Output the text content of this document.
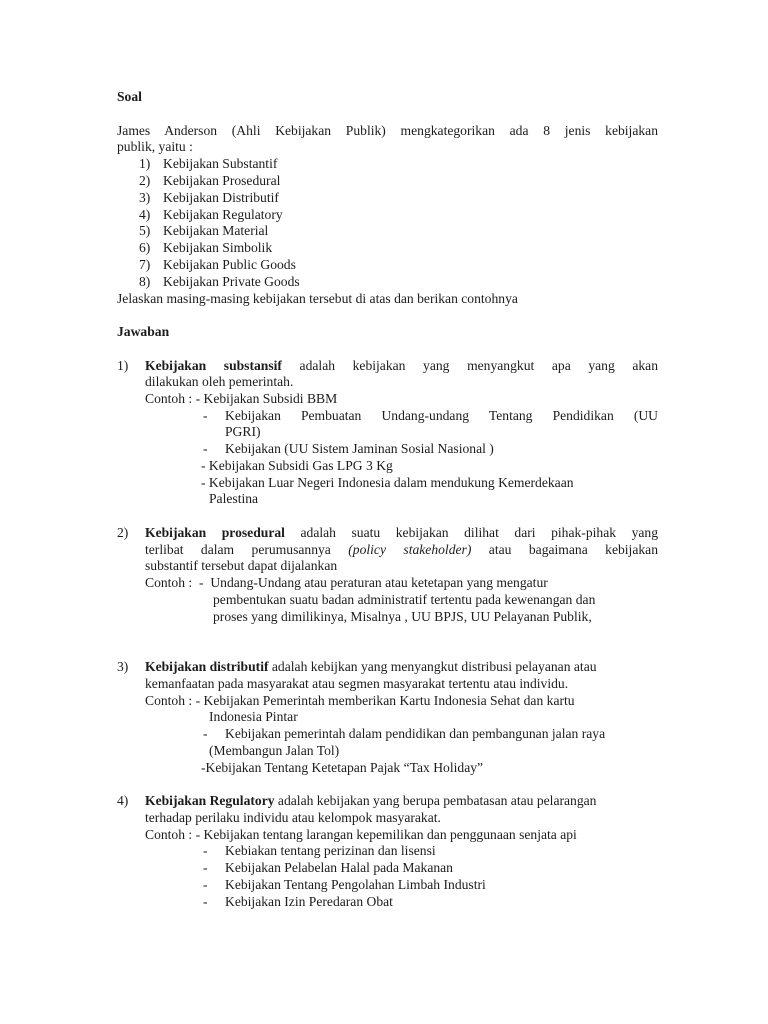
Soal
James Anderson (Ahli Kebijakan Publik) mengkategorikan ada 8 jenis kebijakan
publik, yaitu :
1) Kebijakan Substantif
2) Kebijakan Prosedural
3) Kebijakan Distributif
4) Kebijakan Regulatory
5) Kebijakan Material
6) Kebijakan Simbolik
7) Kebijakan Public Goods
8) Kebijakan Private Goods
Jelaskan masing-masing kebijakan tersebut di atas dan berikan contohnya
Jawaban
1) Kebijakan substansif adalah kebijakan yang menyangkut apa yang akan
dilakukan oleh pemerintah.
Contoh : - Kebijakan Subsidi BBM
- Kebijakan Pembuatan Undang-undang Tentang Pendidikan (UU
PGRI)
- Kebijakan (UU Sistem Jaminan Sosial Nasional )
- Kebijakan Subsidi Gas LPG 3 Kg
- Kebijakan Luar Negeri Indonesia dalam mendukung Kemerdekaan
Palestina
2) Kebijakan prosedural adalah suatu kebijakan dilihat dari pihak-pihak yang
terlibat dalam perumusannya (policy stakeholder) atau bagaimana kebijakan
substantif tersebut dapat dijalankan
Contoh :  -  Undang-Undang atau peraturan atau ketetapan yang mengatur
pembentukan suatu badan administratif tertentu pada kewenangan dan
proses yang dimilikinya, Misalnya , UU BPJS, UU Pelayanan Publik,
3) Kebijakan distributif adalah kebijkan yang menyangkut distribusi pelayanan atau
kemanfaatan pada masyarakat atau segmen masyarakat tertentu atau individu.
Contoh : - Kebijakan Pemerintah memberikan Kartu Indonesia Sehat dan kartu
Indonesia Pintar
- Kebijakan pemerintah dalam pendidikan dan pembangunan jalan raya
(Membangun Jalan Tol)
-Kebijakan Tentang Ketetapan Pajak “Tax Holiday”
4) Kebijakan Regulatory adalah kebijakan yang berupa pembatasan atau pelarangan
terhadap perilaku individu atau kelompok masyarakat.
Contoh : - Kebijakan tentang larangan kepemilikan dan penggunaan senjata api
- Kebiakan tentang perizinan dan lisensi
- Kebijakan Pelabelan Halal pada Makanan
- Kebijakan Tentang Pengolahan Limbah Industri
- Kebijakan Izin Peredaran Obat
